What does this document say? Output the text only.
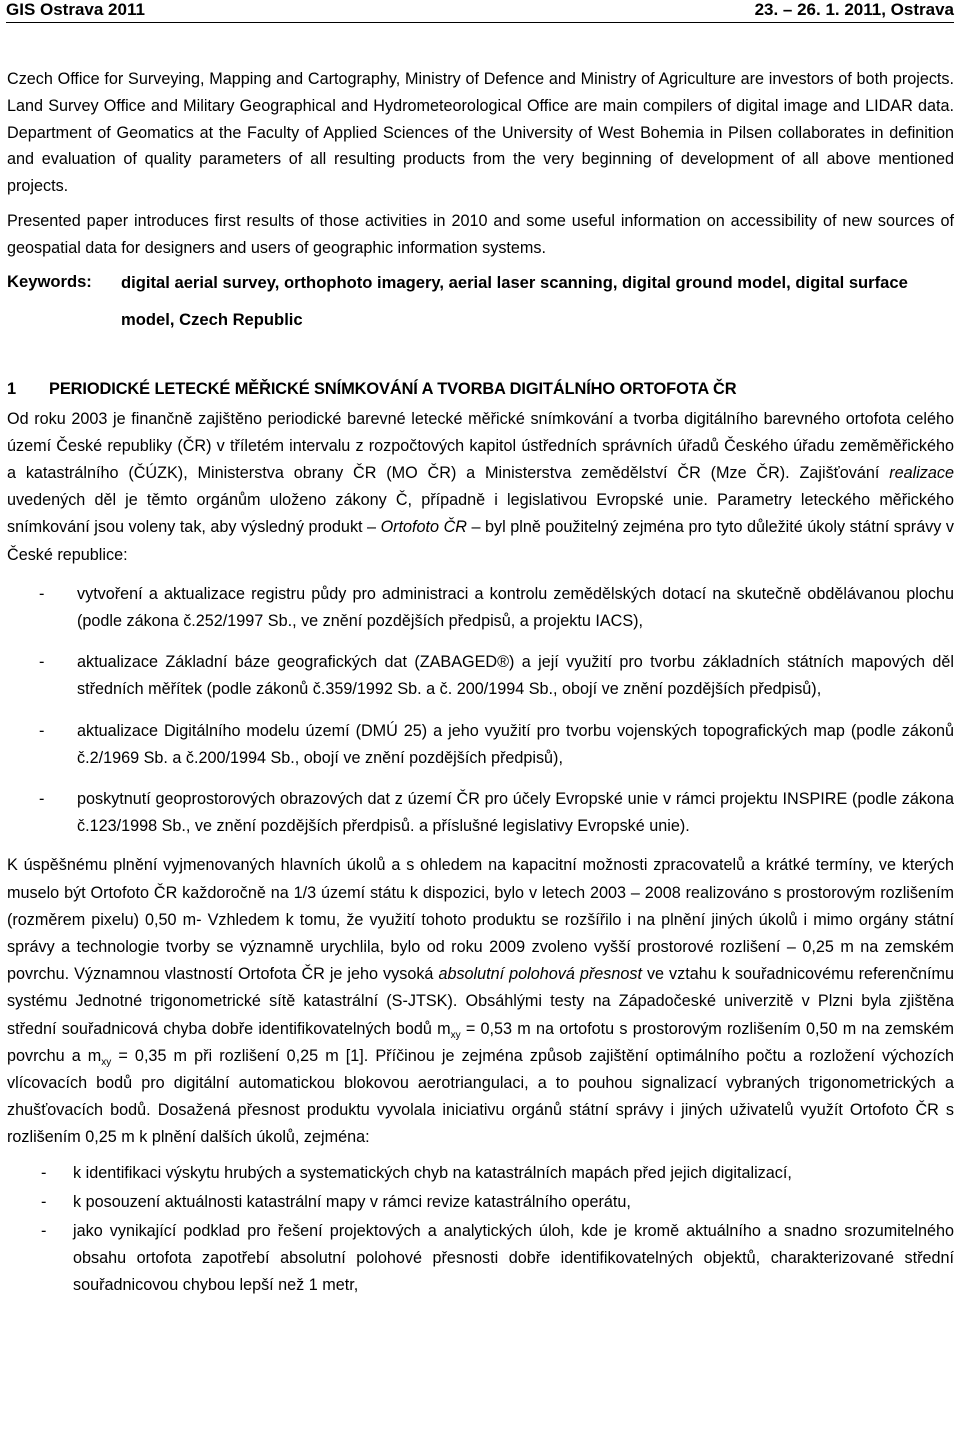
GIS Ostrava 2011	23. – 26. 1. 2011, Ostrava

Czech Office for Surveying, Mapping and Cartography, Ministry of Defence and Ministry of Agriculture are investors of both projects. Land Survey Office and Military Geographical and Hydrometeorological Office are main compilers of digital image and LIDAR data. Department of Geomatics at the Faculty of Applied Sciences of the University of West Bohemia in Pilsen collaborates in definition and evaluation of quality parameters of all resulting products from the very beginning of development of all above mentioned projects.

Presented paper introduces first results of those activities in 2010 and some useful information on accessibility of new sources of geospatial data for designers and users of geographic information systems.

Keywords: digital aerial survey, orthophoto imagery, aerial laser scanning, digital ground model, digital surface model, Czech Republic
1 PERIODICKÉ LETECKÉ MĚŘICKÉ SNÍMKOVÁNÍ A TVORBA DIGITÁLNÍHO ORTOFOTA ČR

Od roku 2003 je finančně zajištěno periodické barevné letecké měřické snímkování a tvorba digitálního barevného ortofota celého území České republiky (ČR) v tříletém intervalu z rozpočtových kapitol ústředních správních úřadů Českého úřadu zeměměřického a katastrálního (ČÚZK), Ministerstva obrany ČR (MO ČR) a Ministerstva zemědělství ČR (Mze ČR). Zajišťování realizace uvedených děl je těmto orgánům uloženo zákony Č, případně i legislativou Evropské unie. Parametry leteckého měřického snímkování jsou voleny tak, aby výsledný produkt – Ortofoto ČR – byl plně použitelný zejména pro tyto důležité úkoly státní správy v České republice:

- vytvoření a aktualizace registru půdy pro administraci a kontrolu zemědělských dotací na skutečně obdělávanou plochu (podle zákona č.252/1997 Sb., ve znění pozdějších předpisů, a projektu IACS),
- aktualizace Základní báze geografických dat (ZABAGED®) a její využití pro tvorbu základních státních mapových děl středních měřítek (podle zákonů č.359/1992 Sb. a č. 200/1994 Sb., obojí ve znění pozdějších předpisů),
- aktualizace Digitálního modelu území (DMÚ 25) a jeho využití pro tvorbu vojenských topografických map (podle zákonů č.2/1969 Sb. a č.200/1994 Sb., obojí ve znění pozdějších předpisů),
- poskytnutí geoprostorových obrazových dat z území ČR pro účely Evropské unie v rámci projektu INSPIRE (podle zákona č.123/1998 Sb., ve znění pozdějších přerdpisů. a příslušné legislativy Evropské unie).

K úspěšnému plnění vyjmenovaných hlavních úkolů a s ohledem na kapacitní možnosti zpracovatelů a krátké termíny, ve kterých muselo být Ortofoto ČR každoročně na 1/3 území státu k dispozici, bylo v letech 2003 – 2008 realizováno s prostorovým rozlišením (rozměrem pixelu) 0,50 m- Vzhledem k tomu, že využití tohoto produktu se rozšířilo i na plnění jiných úkolů i mimo orgány státní správy a technologie tvorby se významně urychlila, bylo od roku 2009 zvoleno vyšší prostorové rozlišení – 0,25 m na zemském povrchu. Významnou vlastností Ortofota ČR je jeho vysoká absolutní polohová přesnost ve vztahu k souřadnicovému referenčnímu systému Jednotné trigonometrické sítě katastrální (S-JTSK). Obsáhlými testy na Západočeské univerzitě v Plzni byla zjištěna střední souřadnicová chyba dobře identifikovatelných bodů $m_{xy} = 0,53$ m na ortofotu s prostorovým rozlišením 0,50 m na zemském povrchu a $m_{xy} = 0,35$ m při rozlišení 0,25 m [1]. Příčinou je zejména způsob zajištění optimálního počtu a rozložení výchozích vlícovacích bodů pro digitální automatickou blokovou aerotriangulaci, a to pouhou signalizací vybraných trigonometrických a zhušťovacích bodů. Dosažená přesnost produktu vyvolala iniciativu orgánů státní správy i jiných uživatelů využít Ortofoto ČR s rozlišením 0,25 m k plnění dalších úkolů, zejména:

- k identifikaci výskytu hrubých a systematických chyb na katastrálních mapách před jejich digitalizací,
- k posouzení aktuálnosti katastrální mapy v rámci revize katastrálního operátu,
- jako vynikající podklad pro řešení projektových a analytických úloh, kde je kromě aktuálního a snadno srozumitelného obsahu ortofota zapotřebí absolutní polohové přesnosti dobře identifikovatelných objektů, charakterizované střední souřadnicovou chybou lepší než 1 metr,
